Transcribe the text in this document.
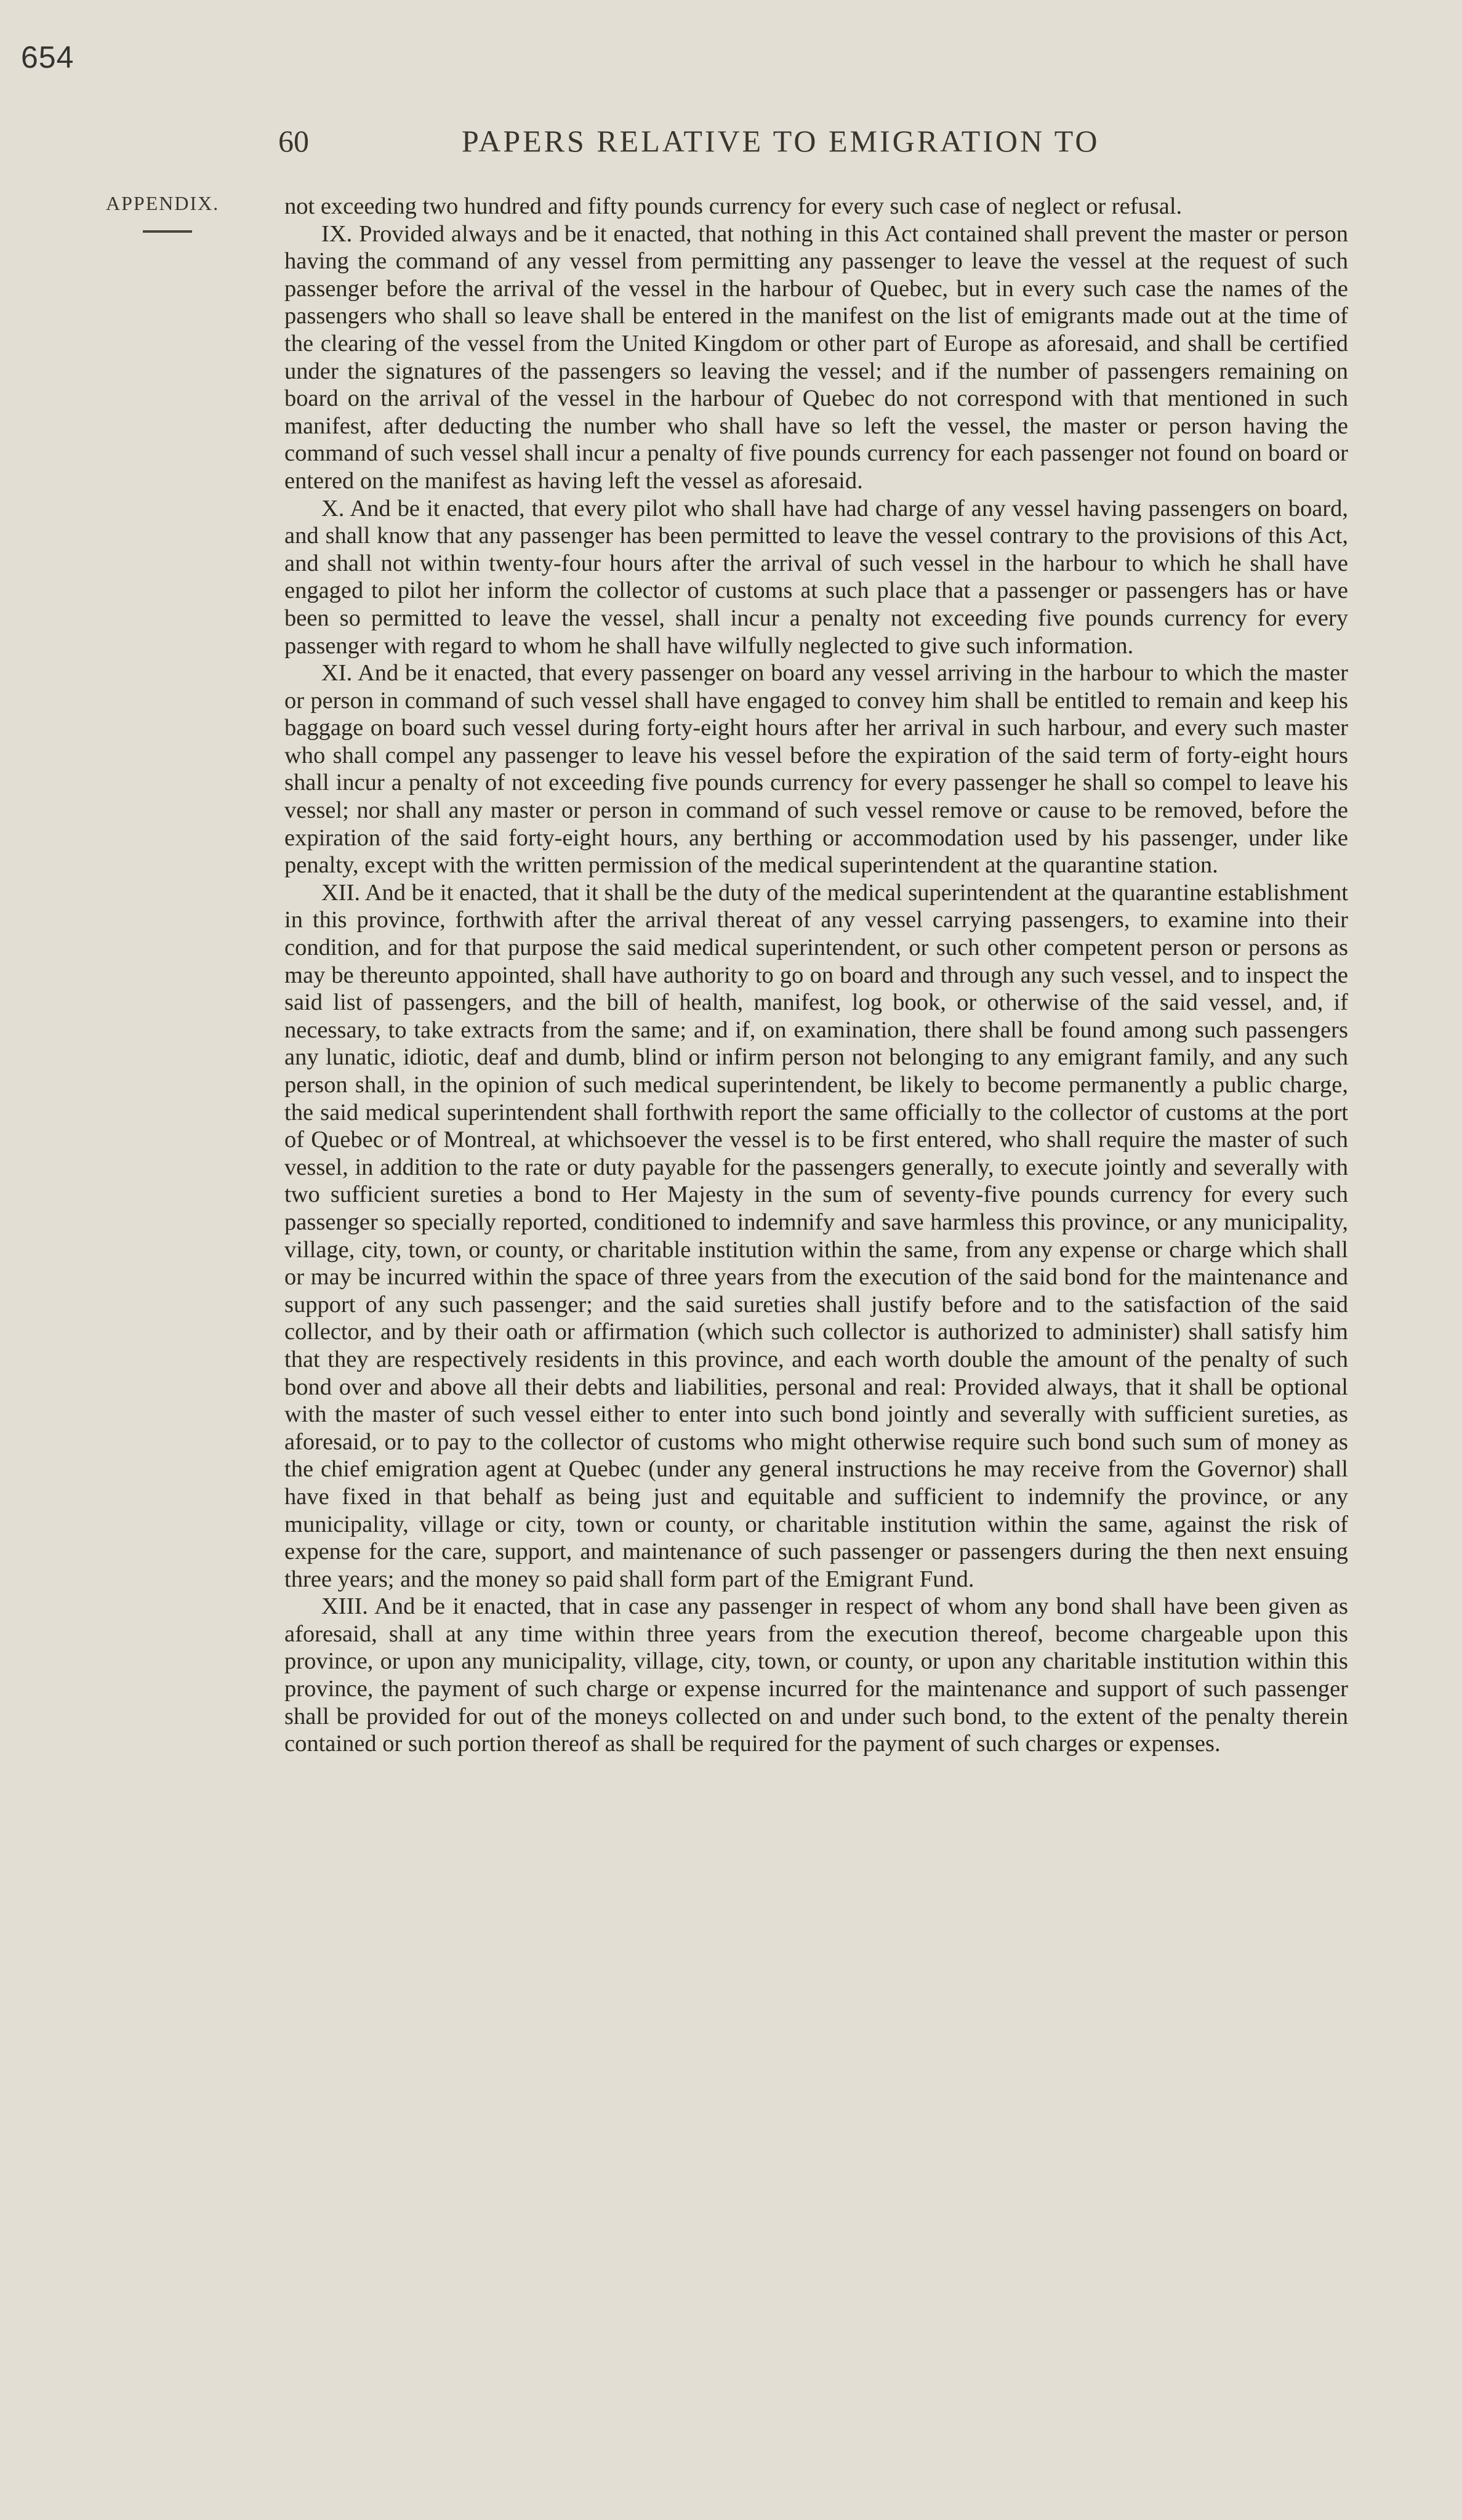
654
60	PAPERS RELATIVE TO EMIGRATION TO
APPENDIX.	not exceeding two hundred and fifty pounds currency for every such case of neglect or refusal.

IX. Provided always and be it enacted, that nothing in this Act contained shall prevent the master or person having the command of any vessel from permitting any passenger to leave the vessel at the request of such passenger before the arrival of the vessel in the harbour of Quebec, but in every such case the names of the passengers who shall so leave shall be entered in the manifest on the list of emigrants made out at the time of the clearing of the vessel from the United Kingdom or other part of Europe as aforesaid, and shall be certified under the signatures of the passengers so leaving the vessel; and if the number of passengers remaining on board on the arrival of the vessel in the harbour of Quebec do not correspond with that mentioned in such manifest, after deducting the number who shall have so left the vessel, the master or person having the command of such vessel shall incur a penalty of five pounds currency for each passenger not found on board or entered on the manifest as having left the vessel as aforesaid.

X. And be it enacted, that every pilot who shall have had charge of any vessel having passengers on board, and shall know that any passenger has been permitted to leave the vessel contrary to the provisions of this Act, and shall not within twenty-four hours after the arrival of such vessel in the harbour to which he shall have engaged to pilot her inform the collector of customs at such place that a passenger or passengers has or have been so permitted to leave the vessel, shall incur a penalty not exceeding five pounds currency for every passenger with regard to whom he shall have wilfully neglected to give such information.

XI. And be it enacted, that every passenger on board any vessel arriving in the harbour to which the master or person in command of such vessel shall have engaged to convey him shall be entitled to remain and keep his baggage on board such vessel during forty-eight hours after her arrival in such harbour, and every such master who shall compel any passenger to leave his vessel before the expiration of the said term of forty-eight hours shall incur a penalty of not exceeding five pounds currency for every passenger he shall so compel to leave his vessel; nor shall any master or person in command of such vessel remove or cause to be removed, before the expiration of the said forty-eight hours, any berthing or accommodation used by his passenger, under like penalty, except with the written permission of the medical superintendent at the quarantine station.

XII. And be it enacted, that it shall be the duty of the medical superintendent at the quarantine establishment in this province, forthwith after the arrival thereat of any vessel carrying passengers, to examine into their condition, and for that purpose the said medical superintendent, or such other competent person or persons as may be thereunto appointed, shall have authority to go on board and through any such vessel, and to inspect the said list of passengers, and the bill of health, manifest, log book, or otherwise of the said vessel, and, if necessary, to take extracts from the same; and if, on examination, there shall be found among such passengers any lunatic, idiotic, deaf and dumb, blind or infirm person not belonging to any emigrant family, and any such person shall, in the opinion of such medical superintendent, be likely to become permanently a public charge, the said medical superintendent shall forthwith report the same officially to the collector of customs at the port of Quebec or of Montreal, at whichsoever the vessel is to be first entered, who shall require the master of such vessel, in addition to the rate or duty payable for the passengers generally, to execute jointly and severally with two sufficient sureties a bond to Her Majesty in the sum of seventy-five pounds currency for every such passenger so specially reported, conditioned to indemnify and save harmless this province, or any municipality, village, city, town, or county, or charitable institution within the same, from any expense or charge which shall or may be incurred within the space of three years from the execution of the said bond for the maintenance and support of any such passenger; and the said sureties shall justify before and to the satisfaction of the said collector, and by their oath or affirmation (which such collector is authorized to administer) shall satisfy him that they are respectively residents in this province, and each worth double the amount of the penalty of such bond over and above all their debts and liabilities, personal and real: Provided always, that it shall be optional with the master of such vessel either to enter into such bond jointly and severally with sufficient sureties, as aforesaid, or to pay to the collector of customs who might otherwise require such bond such sum of money as the chief emigration agent at Quebec (under any general instructions he may receive from the Governor) shall have fixed in that behalf as being just and equitable and sufficient to indemnify the province, or any municipality, village or city, town or county, or charitable institution within the same, against the risk of expense for the care, support, and maintenance of such passenger or passengers during the then next ensuing three years; and the money so paid shall form part of the Emigrant Fund.

XIII. And be it enacted, that in case any passenger in respect of whom any bond shall have been given as aforesaid, shall at any time within three years from the execution thereof, become chargeable upon this province, or upon any municipality, village, city, town, or county, or upon any charitable institution within this province, the payment of such charge or expense incurred for the maintenance and support of such passenger shall be provided for out of the moneys collected on and under such bond, to the extent of the penalty therein contained or such portion thereof as shall be required for the payment of such charges or expenses.
